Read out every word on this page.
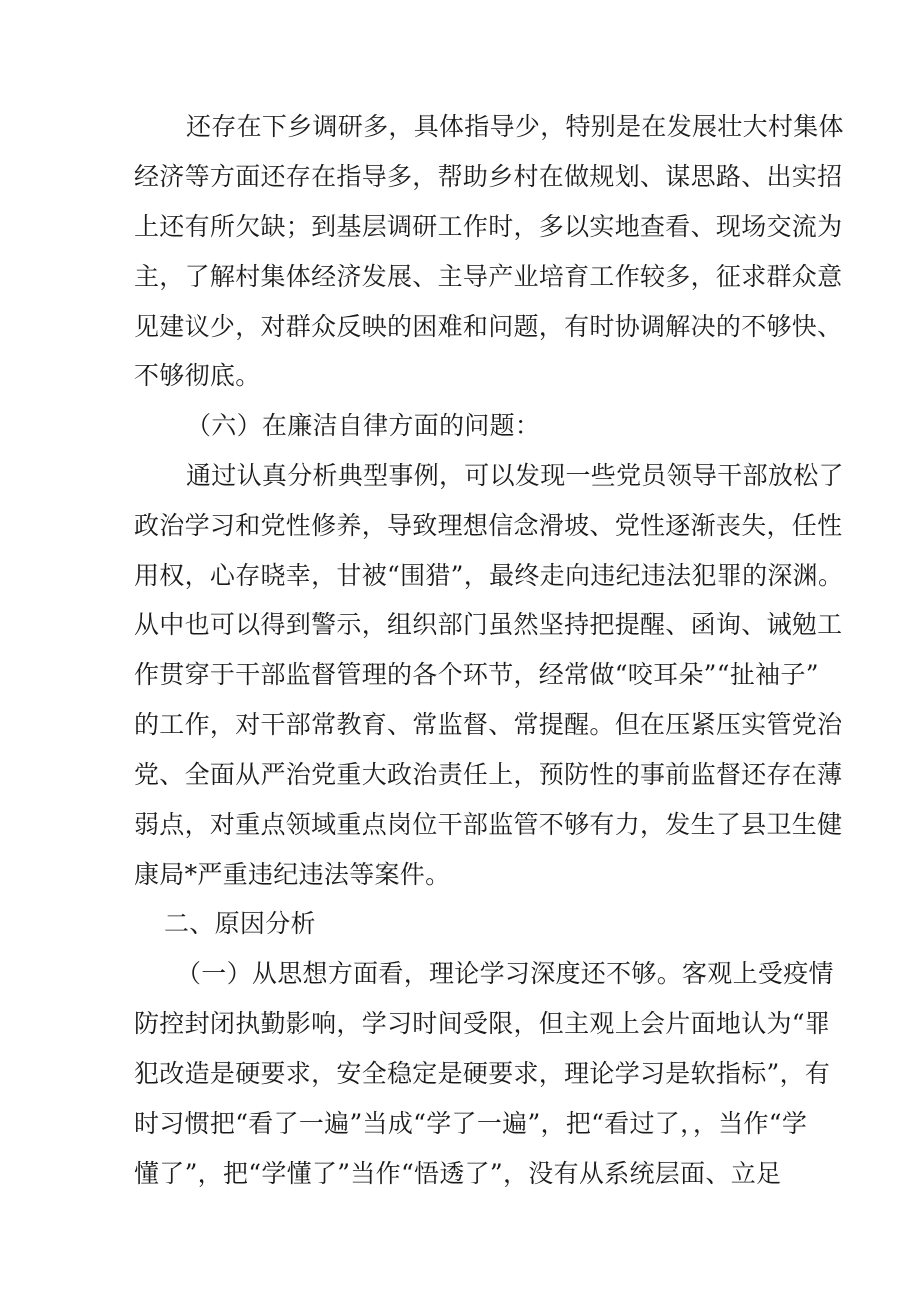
还存在下乡调研多，具体指导少，特别是在发展壮大村集体
经济等方面还存在指导多，帮助乡村在做规划、谋思路、出实招
上还有所欠缺；到基层调研工作时，多以实地查看、现场交流为
主，了解村集体经济发展、主导产业培育工作较多，征求群众意
见建议少，对群众反映的困难和问题，有时协调解决的不够快、
不够彻底。
（六）在廉洁自律方面的问题：
通过认真分析典型事例，可以发现一些党员领导干部放松了
政治学习和党性修养，导致理想信念滑坡、党性逐渐丧失，任性
用权，心存晓幸，甘被“围猎”，最终走向违纪违法犯罪的深渊。
从中也可以得到警示，组织部门虽然坚持把提醒、函询、诫勉工
作贯穿于干部监督管理的各个环节，经常做“咬耳朵”“扯袖子”
的工作，对干部常教育、常监督、常提醒。但在压紧压实管党治
党、全面从严治党重大政治责任上，预防性的事前监督还存在薄
弱点，对重点领域重点岗位干部监管不够有力，发生了县卫生健
康局*严重违纪违法等案件。
二、原因分析
（一）从思想方面看，理论学习深度还不够。客观上受疫情
防控封闭执勤影响，学习时间受限，但主观上会片面地认为“罪
犯改造是硬要求，安全稳定是硬要求，理论学习是软指标”，有
时习惯把“看了一遍”当成“学了一遍”，把“看过了，，当作“学
懂了”，把“学懂了”当作“悟透了”，没有从系统层面、立足
